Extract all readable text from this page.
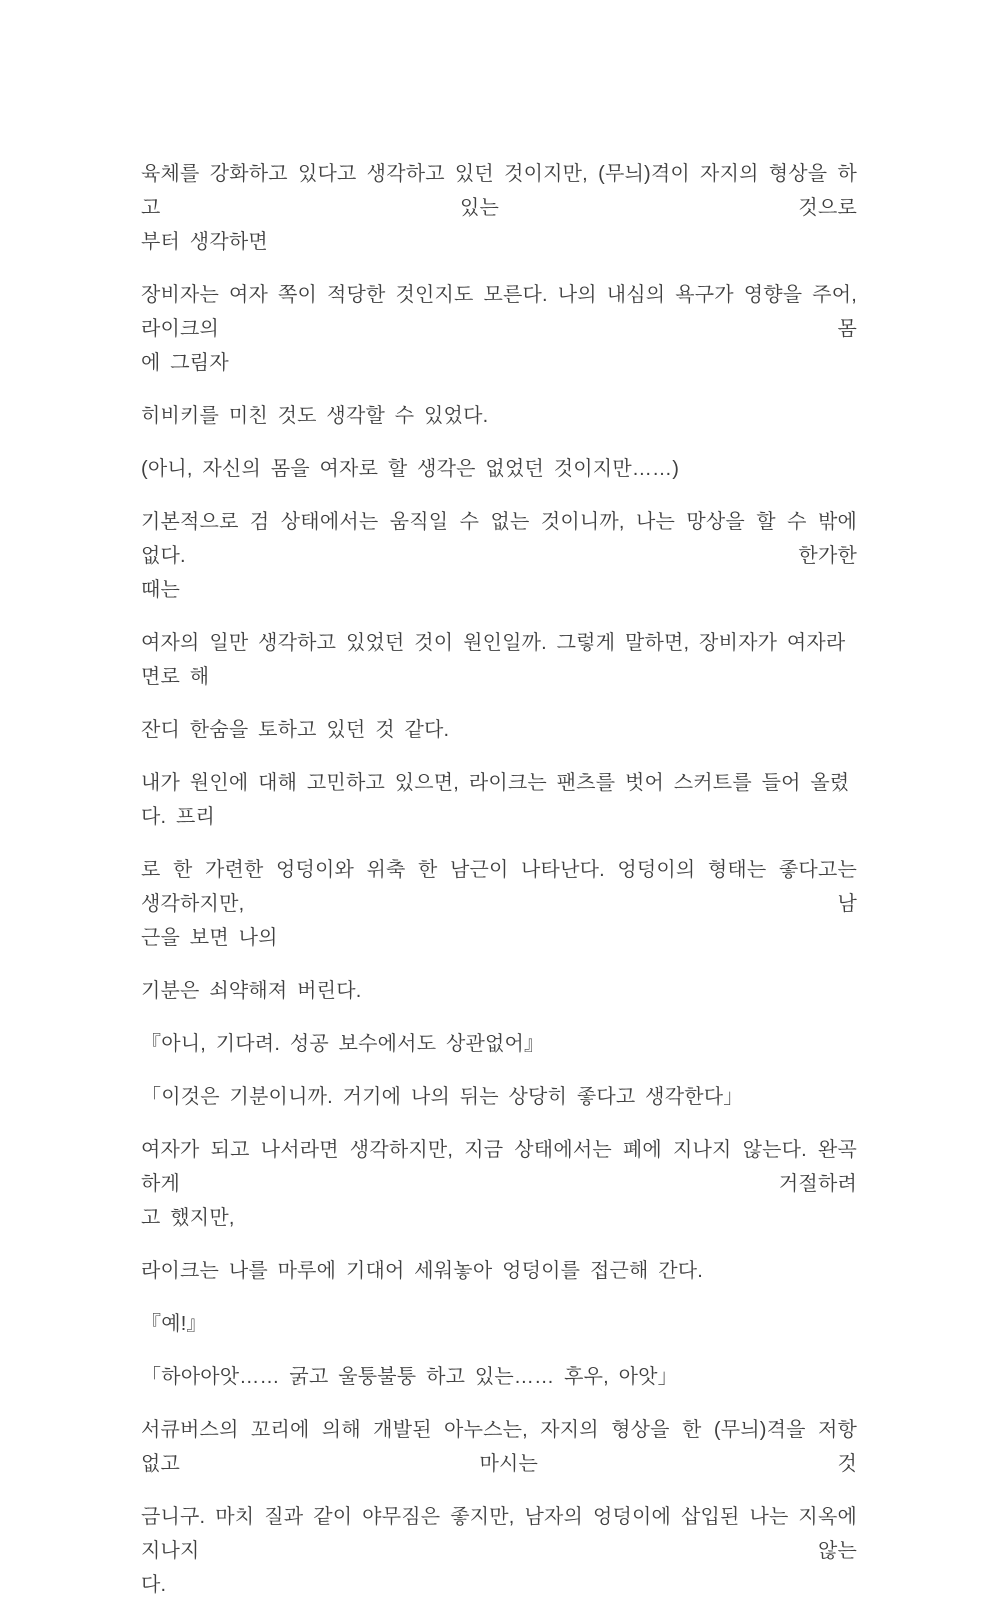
육체를 강화하고 있다고 생각하고 있던 것이지만, (무늬)격이 자지의 형상을 하고 있는 것으로
부터 생각하면

장비자는 여자 쪽이 적당한 것인지도 모른다. 나의 내심의 욕구가 영향을 주어, 라이크의 몸
에 그림자

히비키를 미친 것도 생각할 수 있었다.

(아니, 자신의 몸을 여자로 할 생각은 없었던 것이지만……)

기본적으로 검 상태에서는 움직일 수 없는 것이니까, 나는 망상을 할 수 밖에 없다. 한가한
때는

여자의 일만 생각하고 있었던 것이 원인일까. 그렇게 말하면, 장비자가 여자라면로 해

잔디 한숨을 토하고 있던 것 같다.

내가 원인에 대해 고민하고 있으면, 라이크는 팬츠를 벗어 스커트를 들어 올렸다. 프리

로 한 가련한 엉덩이와 위축 한 남근이 나타난다. 엉덩이의 형태는 좋다고는 생각하지만, 남
근을 보면 나의

기분은 쇠약해져 버린다.

『아니, 기다려. 성공 보수에서도 상관없어』

「이것은 기분이니까. 거기에 나의 뒤는 상당히 좋다고 생각한다」

여자가 되고 나서라면 생각하지만, 지금 상태에서는 폐에 지나지 않는다. 완곡하게 거절하려
고 했지만,

라이크는 나를 마루에 기대어 세워놓아 엉덩이를 접근해 간다.

『예!』

「하아아앗…… 굵고 울퉁불퉁 하고 있는…… 후우, 아앗」

서큐버스의 꼬리에 의해 개발된 아누스는, 자지의 형상을 한 (무늬)격을 저항 없고 마시는 것

금니구. 마치 질과 같이 야무짐은 좋지만, 남자의 엉덩이에 삽입된 나는 지옥에 지나지 않는
다.
